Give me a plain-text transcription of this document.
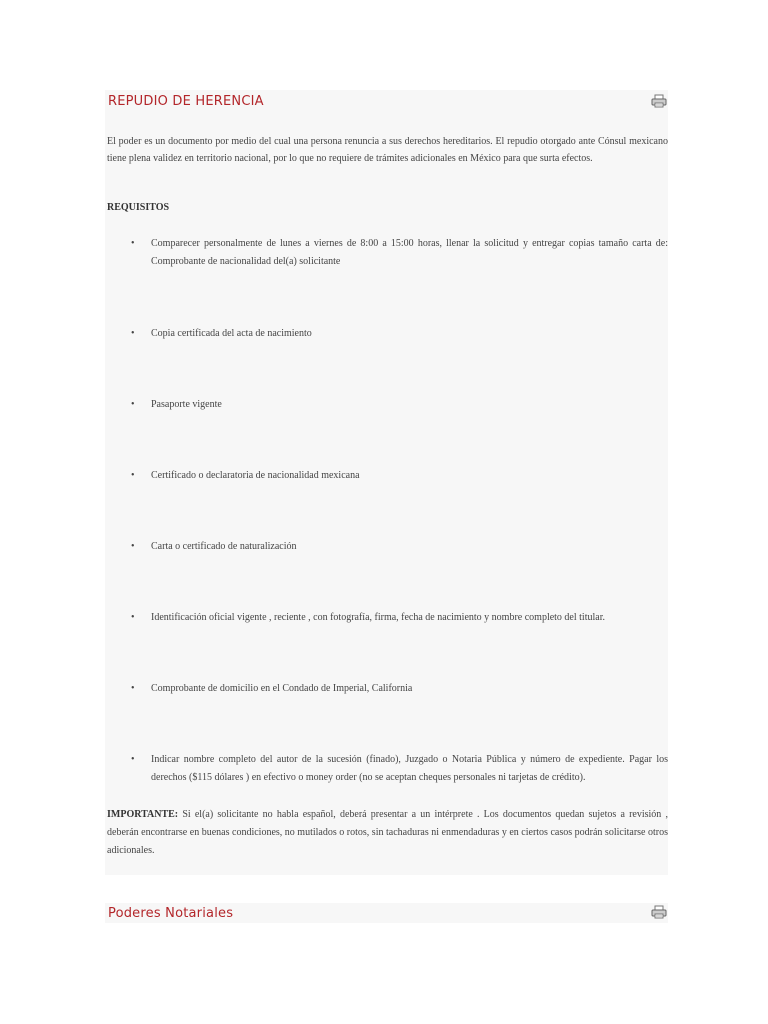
REPUDIO DE HERENCIA
El poder es un documento por medio del cual una persona renuncia a sus derechos hereditarios. El repudio otorgado ante Cónsul mexicano tiene plena validez en territorio nacional, por lo que no requiere de trámites adicionales en México para que surta efectos.
REQUISITOS
• Comparecer personalmente de lunes a viernes de 8:00 a 15:00 horas, llenar la solicitud y entregar copias tamaño carta de: Comprobante de nacionalidad del(a) solicitante
• Copia certificada del acta de nacimiento
• Pasaporte vigente
• Certificado o declaratoria de nacionalidad mexicana
• Carta o certificado de naturalización
• Identificación oficial vigente , reciente , con fotografía, firma, fecha de nacimiento y nombre completo del titular.
• Comprobante de domicilio en el Condado de Imperial, California
• Indicar nombre completo del autor de la sucesión (finado), Juzgado o Notaria Pública y número de expediente. Pagar los derechos ($115 dólares ) en efectivo o money order (no se aceptan cheques personales ni tarjetas de crédito).
IMPORTANTE: Si el(a) solicitante no habla español, deberá presentar a un intérprete . Los documentos quedan sujetos a revisión , deberán encontrarse en buenas condiciones, no mutilados o rotos, sin tachaduras ni enmendaduras y en ciertos casos podrán solicitarse otros adicionales.
Poderes Notariales
